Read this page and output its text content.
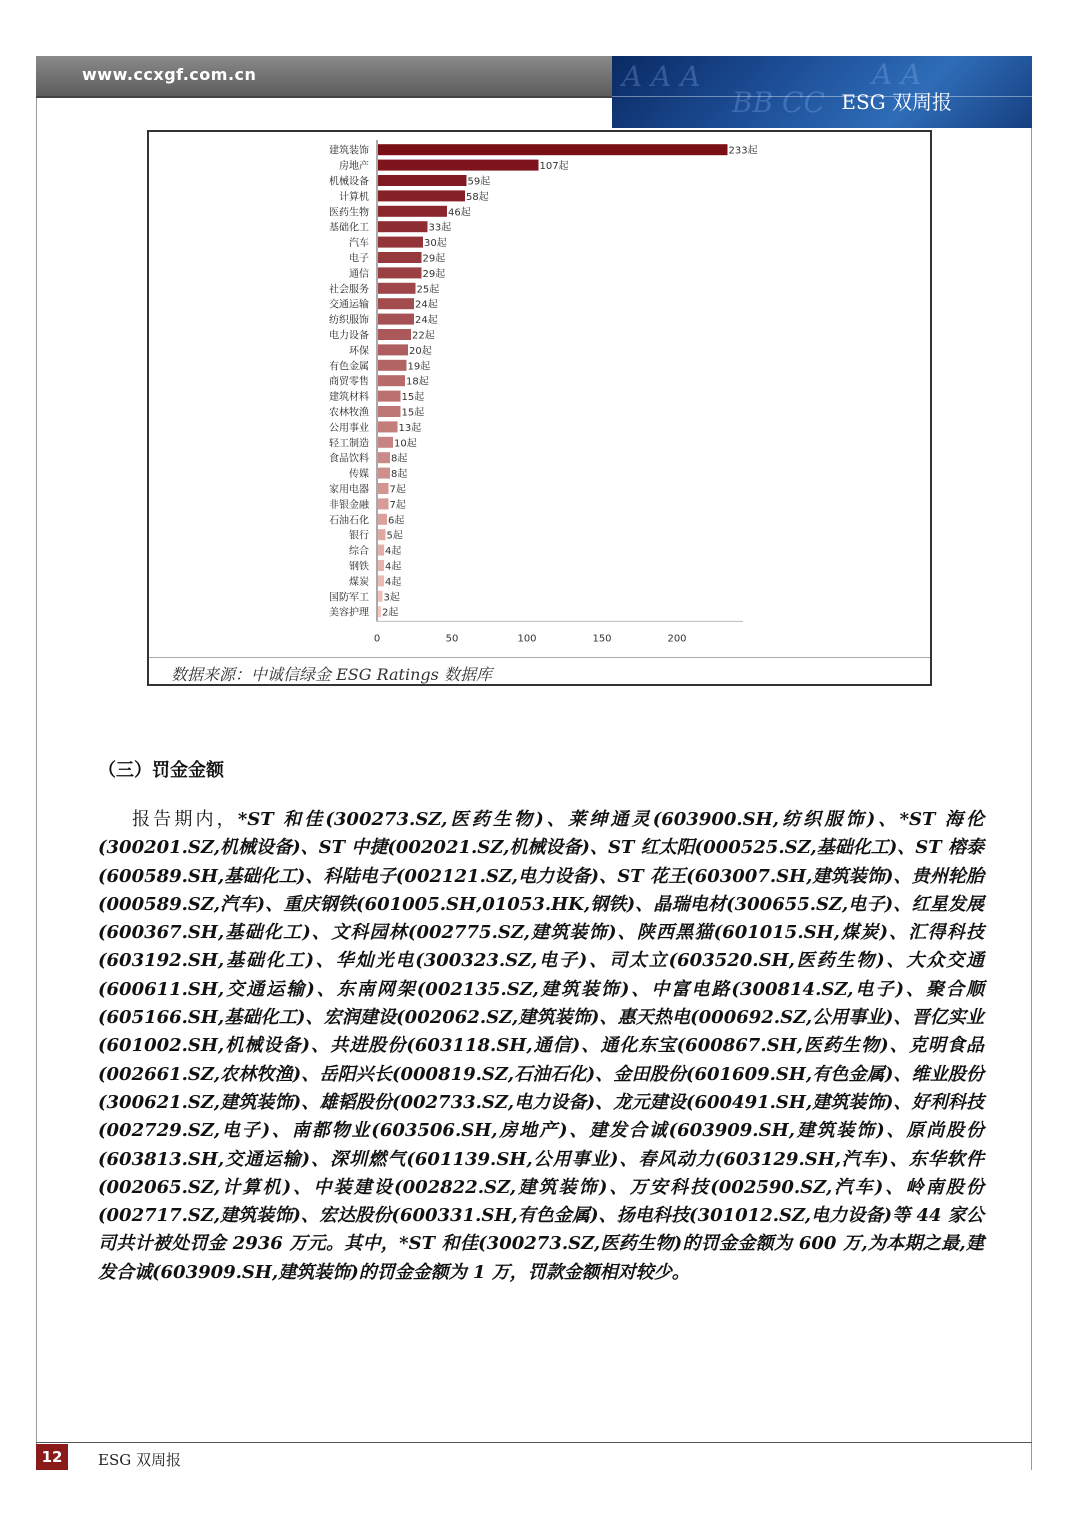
www.ccxgf.com.cn	A A A
BB CC
A A
ESG 双周报
建筑装饰	233起
房地产	107起
机械设备	59起
计算机	58起
医药生物	46起
基础化工	33起
汽车	30起
电子	29起
通信	29起
社会服务	25起
交通运输	24起
纺织服饰	24起
电力设备	22起
环保	20起
有色金属	19起
商贸零售	18起
建筑材料	15起
农林牧渔	15起
公用事业	13起
轻工制造	10起
食品饮料 8起
传媒 8起
家用电器 7起
非银金融 7起
石油石化 6起
银行 5起
综合 4起
钢铁 4起
煤炭 4起
国防军工 3起
美容护理 2起
0	50	100	150	200
数据来源：中诚信绿金 ESG Ratings 数据库
（三）罚金金额
报告期内，*ST 和佳(300273.SZ,医药生物)、莱绅通灵(603900.SH,纺织服饰)、*ST 海伦(300201.SZ,机械设备)、ST 中捷(002021.SZ,机械设备)、ST 红太阳(000525.SZ,基础化工)、ST 榕泰(600589.SH,基础化工)、科陆电子(002121.SZ,电力设备)、ST 花王(603007.SH,建筑装饰)、贵州轮胎(000589.SZ,汽车)、重庆钢铁(601005.SH,01053.HK,钢铁)、晶瑞电材(300655.SZ,电子)、红星发展(600367.SH,基础化工)、文科园林(002775.SZ,建筑装饰)、陕西黑猫(601015.SH,煤炭)、汇得科技(603192.SH,基础化工)、华灿光电(300323.SZ,电子)、司太立(603520.SH,医药生物)、大众交通(600611.SH,交通运输)、东南网架(002135.SZ,建筑装饰)、中富电路(300814.SZ,电子)、聚合顺(605166.SH,基础化工)、宏润建设(002062.SZ,建筑装饰)、惠天热电(000692.SZ,公用事业)、晋亿实业(601002.SH,机械设备)、共进股份(603118.SH,通信)、通化东宝(600867.SH,医药生物)、克明食品(002661.SZ,农林牧渔)、岳阳兴长(000819.SZ,石油石化)、金田股份(601609.SH,有色金属)、维业股份(300621.SZ,建筑装饰)、雄韬股份(002733.SZ,电力设备)、龙元建设(600491.SH,建筑装饰)、好利科技(002729.SZ,电子)、南都物业(603506.SH,房地产)、建发合诚(603909.SH,建筑装饰)、原尚股份(603813.SH,交通运输)、深圳燃气(601139.SH,公用事业)、春风动力(603129.SH,汽车)、东华软件(002065.SZ,计算机)、中装建设(002822.SZ,建筑装饰)、万安科技(002590.SZ,汽车)、岭南股份(002717.SZ,建筑装饰)、宏达股份(600331.SH,有色金属)、扬电科技(301012.SZ,电力设备)等 44 家公司共计被处罚金 2936 万元。其中，*ST 和佳(300273.SZ,医药生物)的罚金金额为 600 万,为本期之最,建发合诚(603909.SH,建筑装饰)的罚金金额为 1 万，罚款金额相对较少。
12	ESG 双周报
